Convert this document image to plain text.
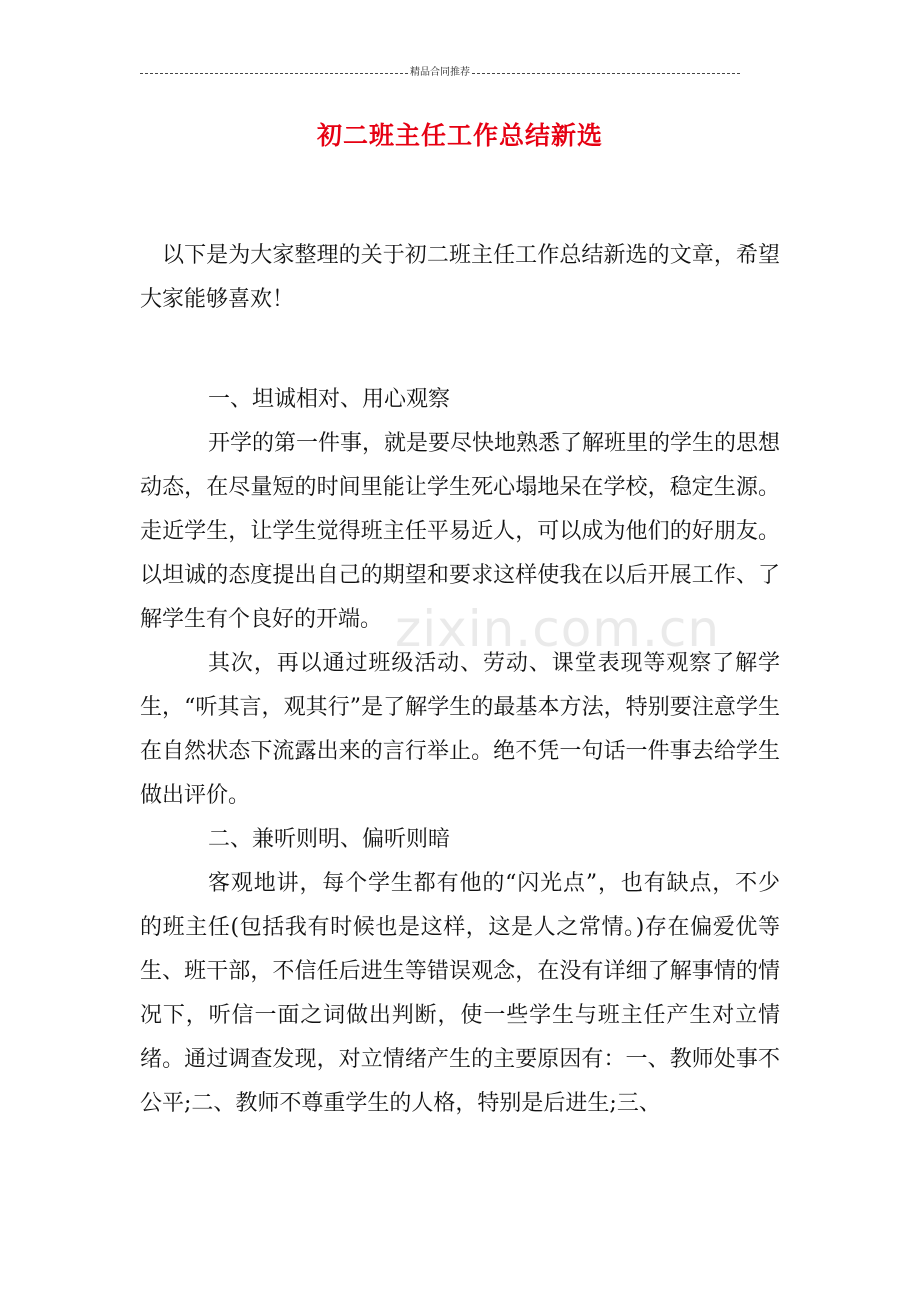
精品合同推荐
初二班主任工作总结新选
以下是为大家整理的关于初二班主任工作总结新选的文章，希望大家能够喜欢！

一、坦诚相对、用心观察

开学的第一件事，就是要尽快地熟悉了解班里的学生的思想动态，在尽量短的时间里能让学生死心塌地呆在学校，稳定生源。走近学生，让学生觉得班主任平易近人，可以成为他们的好朋友。以坦诚的态度提出自己的期望和要求这样使我在以后开展工作、了解学生有个良好的开端。

其次，再以通过班级活动、劳动、课堂表现等观察了解学生，“听其言，观其行”是了解学生的最基本方法，特别要注意学生在自然状态下流露出来的言行举止。绝不凭一句话一件事去给学生做出评价。

二、兼听则明、偏听则暗

客观地讲，每个学生都有他的“闪光点”，也有缺点，不少的班主任(包括我有时候也是这样，这是人之常情。)存在偏爱优等生、班干部，不信任后进生等错误观念，在没有详细了解事情的情况下，听信一面之词做出判断，使一些学生与班主任产生对立情绪。通过调查发现，对立情绪产生的主要原因有：一、教师处事不公平;二、教师不尊重学生的人格，特别是后进生;三、

zixin.com.cn
